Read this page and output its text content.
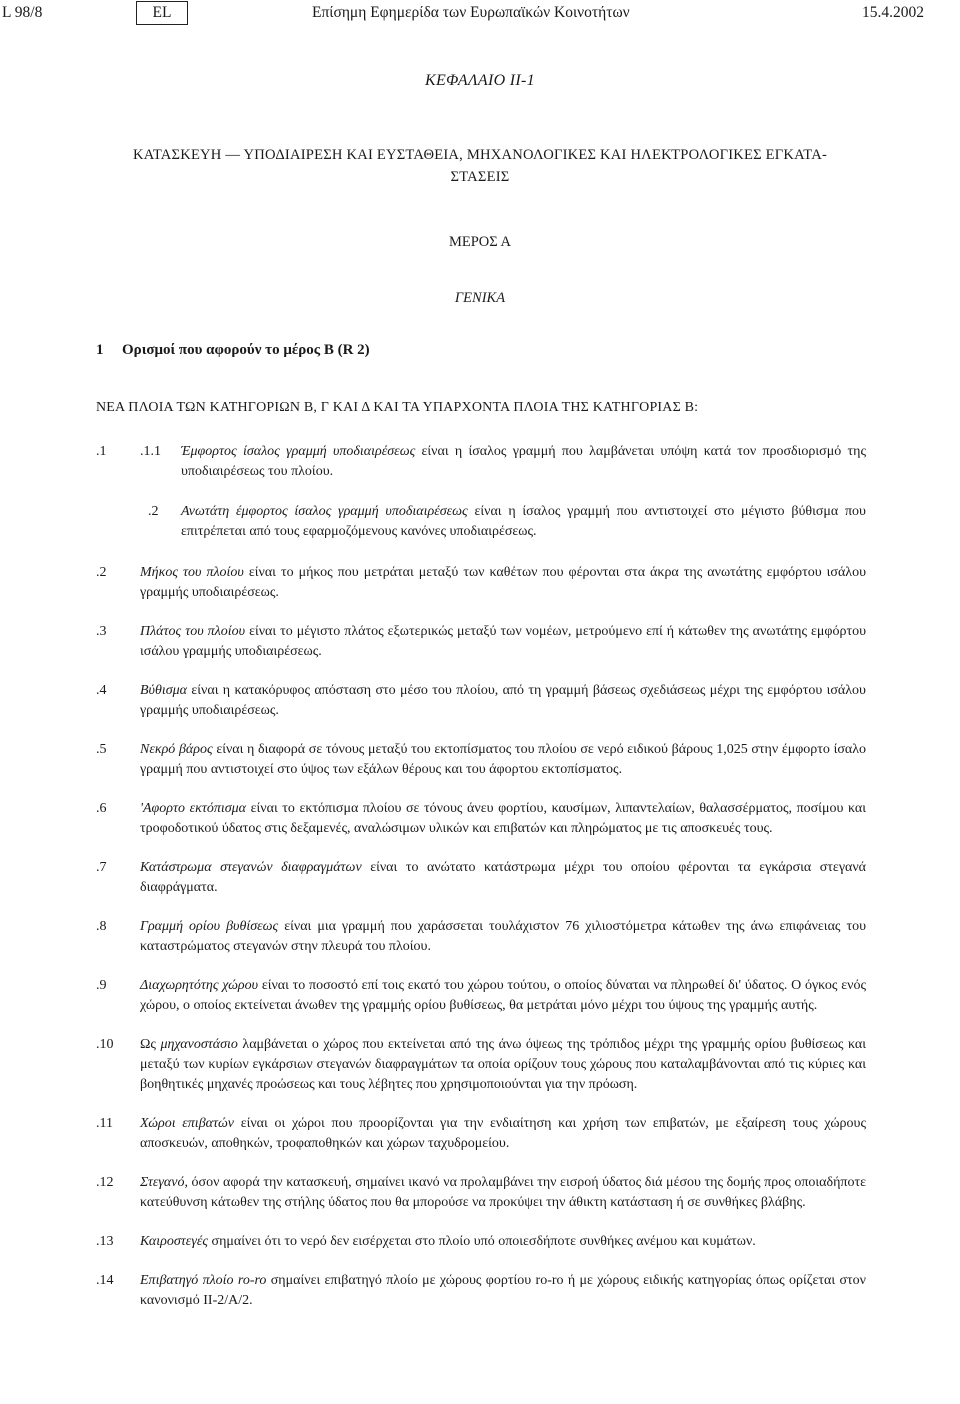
L 98/8	EL	Επίσημη Εφημερίδα των Ευρωπαϊκών Κοινοτήτων	15.4.2002
ΚΕΦΑΛΑΙΟ ΙΙ-1
ΚΑΤΑΣΚΕΥΗ — ΥΠΟΔΙΑΙΡΕΣΗ ΚΑΙ ΕΥΣΤΑΘΕΙΑ, ΜΗΧΑΝΟΛΟΓΙΚΕΣ ΚΑΙ ΗΛΕΚΤΡΟΛΟΓΙΚΕΣ ΕΓΚΑΤΑ-
ΣΤΑΣΕΙΣ
ΜΕΡΟΣ Α
ΓΕΝΙΚΑ
1 Ορισμοί που αφορούν το μέρος Β (R 2)
ΝΕΑ ΠΛΟΙΑ ΤΩΝ ΚΑΤΗΓΟΡΙΩΝ Β, Γ ΚΑΙ Δ ΚΑΙ ΤΑ ΥΠΑΡΧΟΝΤΑ ΠΛΟΙΑ ΤΗΣ ΚΑΤΗΓΟΡΙΑΣ Β:
.1 .1.1 Έμφορτος ίσαλος γραμμή υποδιαιρέσεως είναι η ίσαλος γραμμή που λαμβάνεται υπόψη κατά τον προσδιορισμό της υποδιαιρέσεως του πλοίου.
.2 Ανωτάτη έμφορτος ίσαλος γραμμή υποδιαιρέσεως είναι η ίσαλος γραμμή που αντιστοιχεί στο μέγιστο βύθισμα που επιτρέπεται από τους εφαρμοζόμενους κανόνες υποδιαιρέσεως.
.2 Μήκος του πλοίου είναι το μήκος που μετράται μεταξύ των καθέτων που φέρονται στα άκρα της ανωτάτης εμφόρτου ισάλου γραμμής υποδιαιρέσεως.
.3 Πλάτος του πλοίου είναι το μέγιστο πλάτος εξωτερικώς μεταξύ των νομέων, μετρούμενο επί ή κάτωθεν της ανωτάτης εμφόρτου ισάλου γραμμής υποδιαιρέσεως.
.4 Βύθισμα είναι η κατακόρυφος απόσταση στο μέσο του πλοίου, από τη γραμμή βάσεως σχεδιάσεως μέχρι της εμφόρτου ισάλου γραμμής υποδιαιρέσεως.
.5 Νεκρό βάρος είναι η διαφορά σε τόνους μεταξύ του εκτοπίσματος του πλοίου σε νερό ειδικού βάρους 1,025 στην έμφορτο ίσαλο γραμμή που αντιστοιχεί στο ύψος των εξάλων θέρους και του άφορτου εκτοπίσματος.
.6 'Αφορτο εκτόπισμα είναι το εκτόπισμα πλοίου σε τόνους άνευ φορτίου, καυσίμων, λιπαντελαίων, θαλασσέρματος, ποσίμου και τροφοδοτικού ύδατος στις δεξαμενές, αναλώσιμων υλικών και επιβατών και πληρώματος με τις αποσκευές τους.
.7 Κατάστρωμα στεγανών διαφραγμάτων είναι το ανώτατο κατάστρωμα μέχρι του οποίου φέρονται τα εγκάρσια στεγανά διαφράγματα.
.8 Γραμμή ορίου βυθίσεως είναι μια γραμμή που χαράσσεται τουλάχιστον 76 χιλιοστόμετρα κάτωθεν της άνω επιφάνειας του καταστρώματος στεγανών στην πλευρά του πλοίου.
.9 Διαχωρητότης χώρου είναι το ποσοστό επί τοις εκατό του χώρου τούτου, ο οποίος δύναται να πληρωθεί δι' ύδατος. Ο όγκος ενός χώρου, ο οποίος εκτείνεται άνωθεν της γραμμής ορίου βυθίσεως, θα μετράται μόνο μέχρι του ύψους της γραμμής αυτής.
.10 Ως μηχανοστάσιο λαμβάνεται ο χώρος που εκτείνεται από της άνω όψεως της τρόπιδος μέχρι της γραμμής ορίου βυθίσεως και μεταξύ των κυρίων εγκάρσιων στεγανών διαφραγμάτων τα οποία ορίζουν τους χώρους που καταλαμβάνονται από τις κύριες και βοηθητικές μηχανές προώσεως και τους λέβητες που χρησιμοποιούνται για την πρόωση.
.11 Χώροι επιβατών είναι οι χώροι που προορίζονται για την ενδιαίτηση και χρήση των επιβατών, με εξαίρεση τους χώρους αποσκευών, αποθηκών, τροφαποθηκών και χώρων ταχυδρομείου.
.12 Στεγανό, όσον αφορά την κατασκευή, σημαίνει ικανό να προλαμβάνει την εισροή ύδατος διά μέσου της δομής προς οποιαδήποτε κατεύθυνση κάτωθεν της στήλης ύδατος που θα μπορούσε να προκύψει την άθικτη κατάσταση ή σε συνθήκες βλάβης.
.13 Καιροστεγές σημαίνει ότι το νερό δεν εισέρχεται στο πλοίο υπό οποιεσδήποτε συνθήκες ανέμου και κυμάτων.
.14 Επιβατηγό πλοίο ro-ro σημαίνει επιβατηγό πλοίο με χώρους φορτίου ro-ro ή με χώρους ειδικής κατηγορίας όπως ορίζεται στον κανονισμό ΙΙ-2/Α/2.
